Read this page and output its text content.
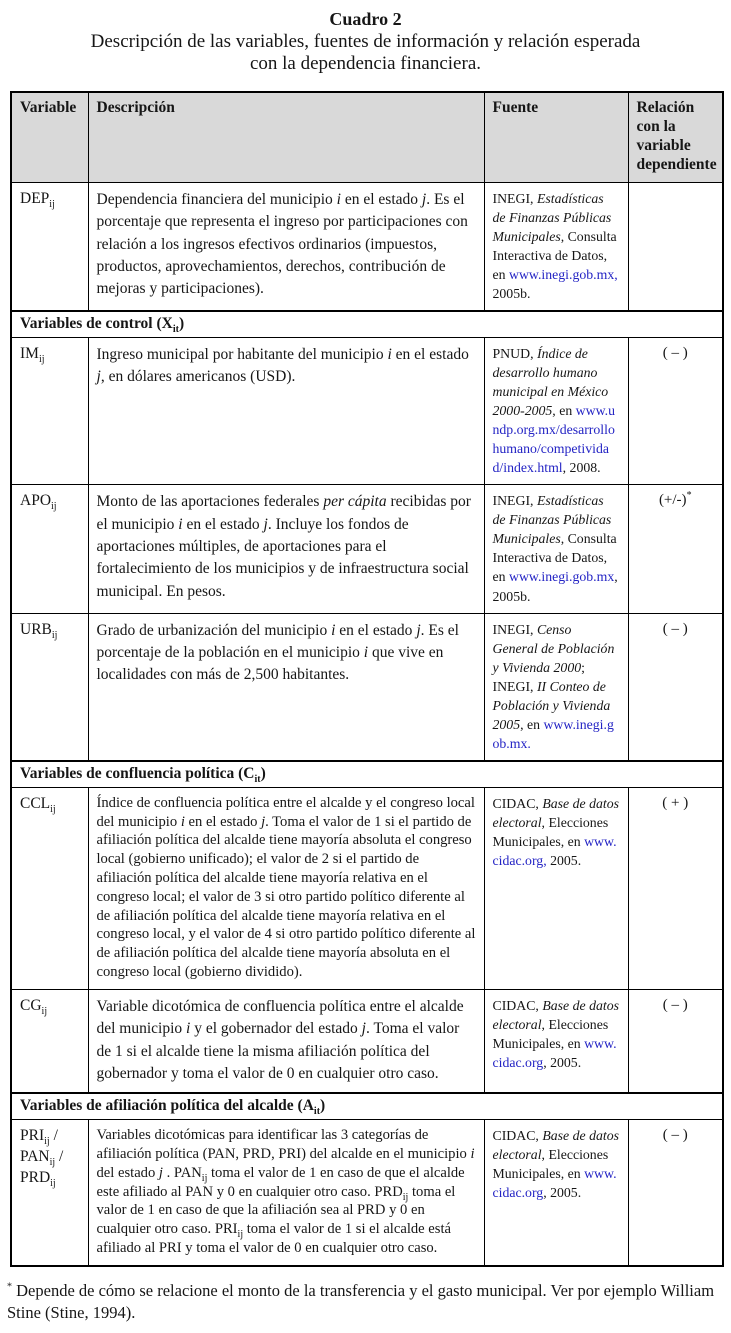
Cuadro 2
Descripción de las variables, fuentes de información y relación esperada
con la dependencia financiera.
Variable	Descripción	Fuente	Relación con la variable dependiente
$DEP_{ij}$	Dependencia financiera del municipio i en el estado j. Es el porcentaje que representa el ingreso por participaciones con relación a los ingresos efectivos ordinarios (impuestos, productos, aprovechamientos, derechos, contribución de mejoras y participaciones).	INEGI, Estadísticas de Finanzas Públicas Municipales, Consulta Interactiva de Datos, en www.inegi.gob.mx, 2005b.	
Variables de control $(X_{it})$			
$IM_{ij}$	Ingreso municipal por habitante del municipio i en el estado j, en dólares americanos (USD).	PNUD, Índice de desarrollo humano municipal en México 2000-2005, en www.undp.org.mx/desarrollohumano/competividad/index.html, 2008.	( – )
$APO_{ij}$	Monto de las aportaciones federales per cápita recibidas por el municipio i en el estado j. Incluye los fondos de aportaciones múltiples, de aportaciones para el fortalecimiento de los municipios y de infraestructura social municipal. En pesos.	INEGI, Estadísticas de Finanzas Públicas Municipales, Consulta Interactiva de Datos, en www.inegi.gob.mx, 2005b.	(+/-)*
$URB_{ij}$	Grado de urbanización del municipio i en el estado j. Es el porcentaje de la población en el municipio i que vive en localidades con más de 2,500 habitantes.	INEGI, Censo General de Población y Vivienda 2000; INEGI, II Conteo de Población y Vivienda 2005, en www.inegi.gob.mx.	( – )
Variables de confluencia política $(C_{it})$			
$CCL_{ij}$	Índice de confluencia política entre el alcalde y el congreso local del municipio i en el estado j. Toma el valor de 1 si el partido de afiliación política del alcalde tiene mayoría absoluta el congreso local (gobierno unificado); el valor de 2 si el partido de afiliación política del alcalde tiene mayoría relativa en el congreso local; el valor de 3 si otro partido político diferente al de afiliación política del alcalde tiene mayoría relativa en el congreso local, y el valor de 4 si otro partido político diferente al de afiliación política del alcalde tiene mayoría absoluta en el congreso local (gobierno dividido).	CIDAC, Base de datos electoral, Elecciones Municipales, en www.cidac.org, 2005.	( + )
$CG_{ij}$	Variable dicotómica de confluencia política entre el alcalde del municipio i y el gobernador del estado j. Toma el valor de 1 si el alcalde tiene la misma afiliación política del gobernador y toma el valor de 0 en cualquier otro caso.	CIDAC, Base de datos electoral, Elecciones Municipales, en www.cidac.org, 2005.	( – )
Variables de afiliación política del alcalde $(A_{it})$			
$PRI_{ij}$ /
$PAN_{ij}$ /
$PRD_{ij}$	Variables dicotómicas para identificar las 3 categorías de afiliación política (PAN, PRD, PRI) del alcalde en el municipio i del estado j . $PAN_{ij}$ toma el valor de 1 en caso de que el alcalde este afiliado al PAN y 0 en cualquier otro caso. $PRD_{ij}$ toma el valor de 1 en caso de que la afiliación sea al PRD y 0 en cualquier otro caso. $PRI_{ij}$ toma el valor de 1 si el alcalde está afiliado al PRI y toma el valor de 0 en cualquier otro caso.	CIDAC, Base de datos electoral, Elecciones Municipales, en www.cidac.org, 2005.	( – )
* Depende de cómo se relacione el monto de la transferencia y el gasto municipal. Ver por ejemplo William Stine (Stine, 1994).
